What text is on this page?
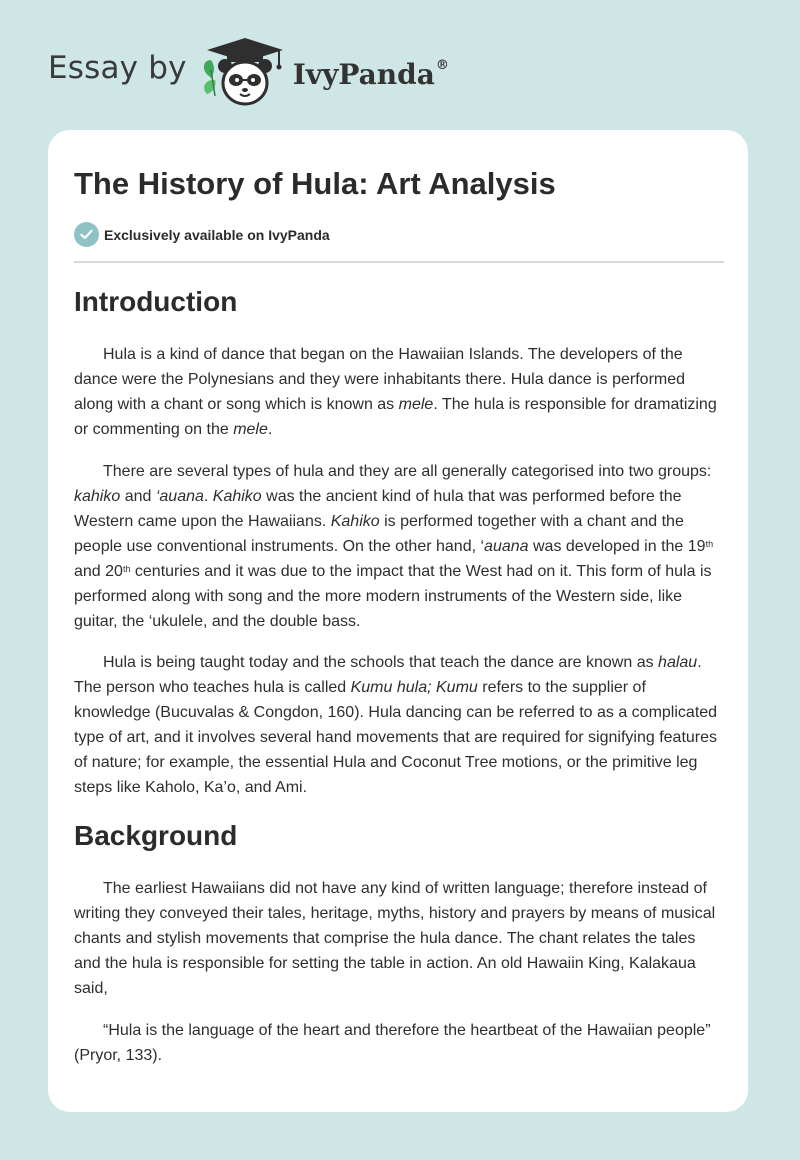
Essay by	IvyPanda®
The History of Hula: Art Analysis
Exclusively available on IvyPanda
Introduction

Hula is a kind of dance that began on the Hawaiian Islands. The developers of the dance were the Polynesians and they were inhabitants there. Hula dance is performed along with a chant or song which is known as mele. The hula is responsible for dramatizing or commenting on the mele.

There are several types of hula and they are all generally categorised into two groups: kahiko and ‘auana. Kahiko was the ancient kind of hula that was performed before the Western came upon the Hawaiians. Kahiko is performed together with a chant and the people use conventional instruments. On the other hand, ‘auana was developed in the 19th and 20th centuries and it was due to the impact that the West had on it. This form of hula is performed along with song and the more modern instruments of the Western side, like guitar, the ‘ukulele, and the double bass.

Hula is being taught today and the schools that teach the dance are known as halau. The person who teaches hula is called Kumu hula; Kumu refers to the supplier of knowledge (Bucuvalas & Congdon, 160). Hula dancing can be referred to as a complicated type of art, and it involves several hand movements that are required for signifying features of nature; for example, the essential Hula and Coconut Tree motions, or the primitive leg steps like Kaholo, Ka’o, and Ami.

Background

The earliest Hawaiians did not have any kind of written language; therefore instead of writing they conveyed their tales, heritage, myths, history and prayers by means of musical chants and stylish movements that comprise the hula dance. The chant relates the tales and the hula is responsible for setting the table in action. An old Hawaiin King, Kalakaua said,

“Hula is the language of the heart and therefore the heartbeat of the Hawaiian people” (Pryor, 133).
